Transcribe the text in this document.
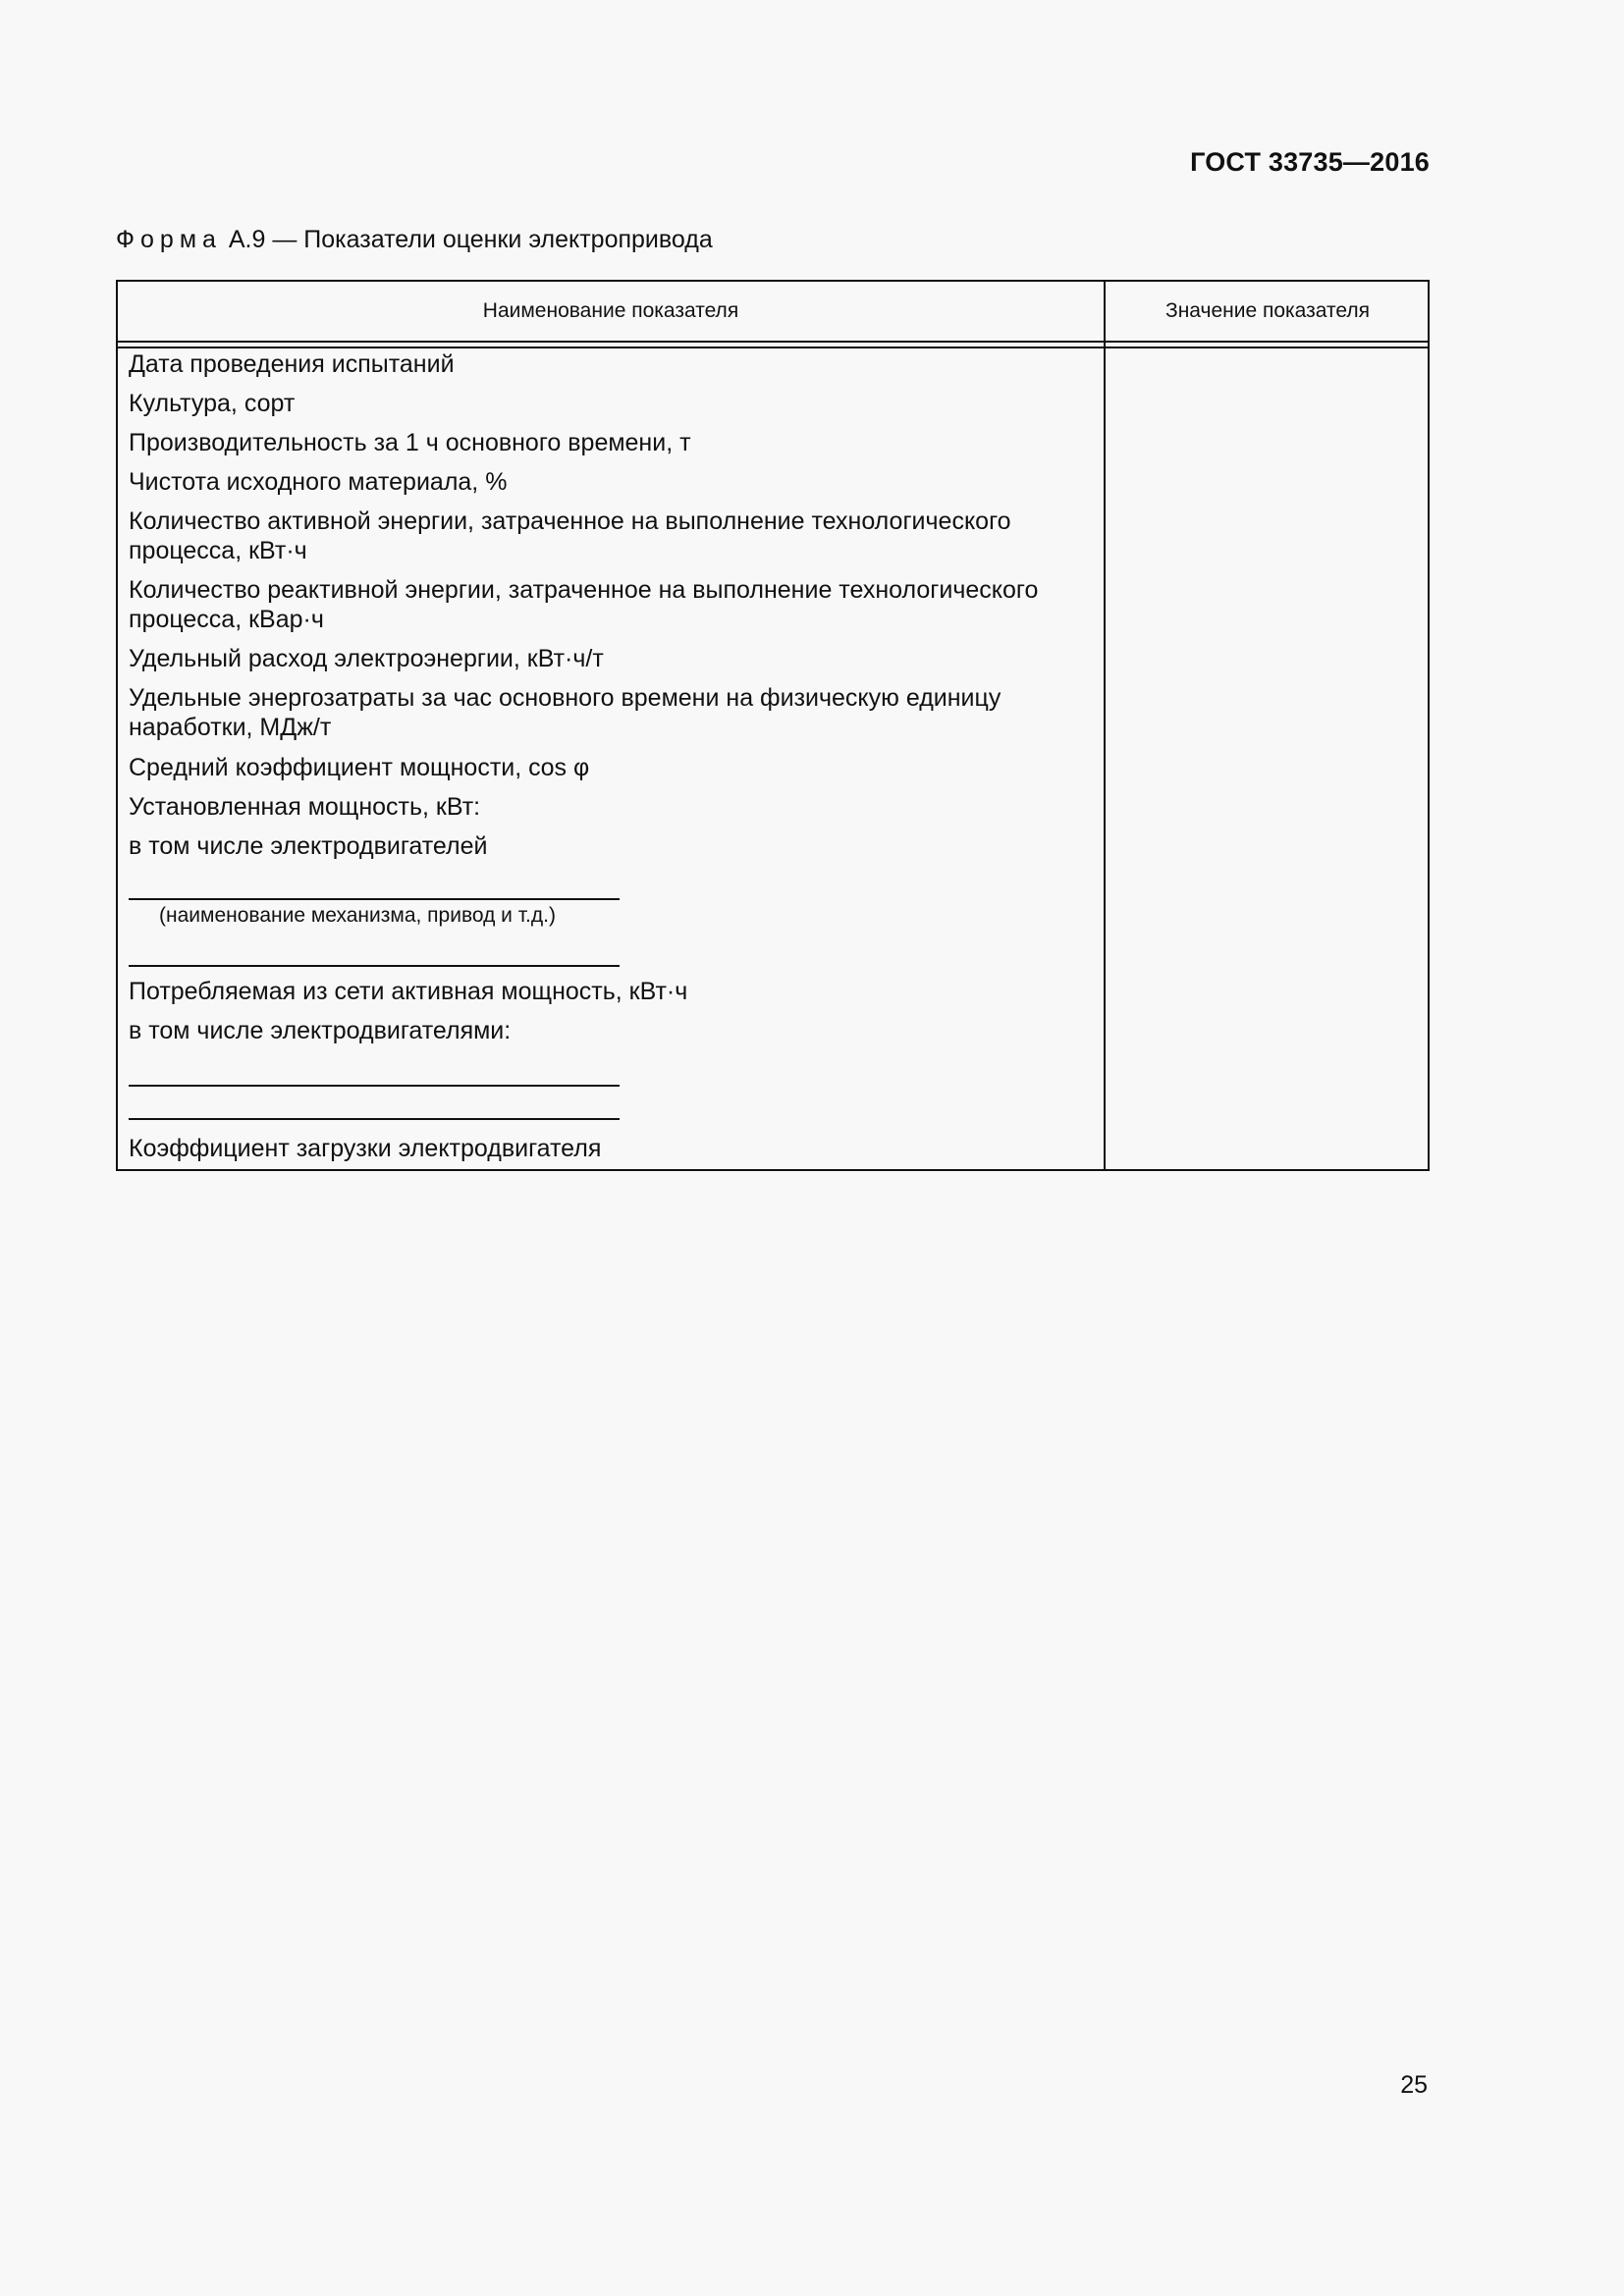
ГОСТ 33735—2016
Форма А.9 — Показатели оценки электропривода
Наименование показателя	Значение показателя
Дата проведения испытаний
Культура, сорт
Производительность за 1 ч основного времени, т
Чистота исходного материала, %
Количество активной энергии, затраченное на выполнение технологического
процесса, кВт·ч
Количество реактивной энергии, затраченное на выполнение технологического
процесса, кВар·ч
Удельный расход электроэнергии, кВт·ч/т
Удельные энергозатраты за час основного времени на физическую единицу
наработки, МДж/т
Средний коэффициент мощности, cos φ
Установленная мощность, кВт:
в том числе электродвигателей
(наименование механизма, привод и т.д.)
Потребляемая из сети активная мощность, кВт·ч
в том числе электродвигателями:
Коэффициент загрузки электродвигателя
25
